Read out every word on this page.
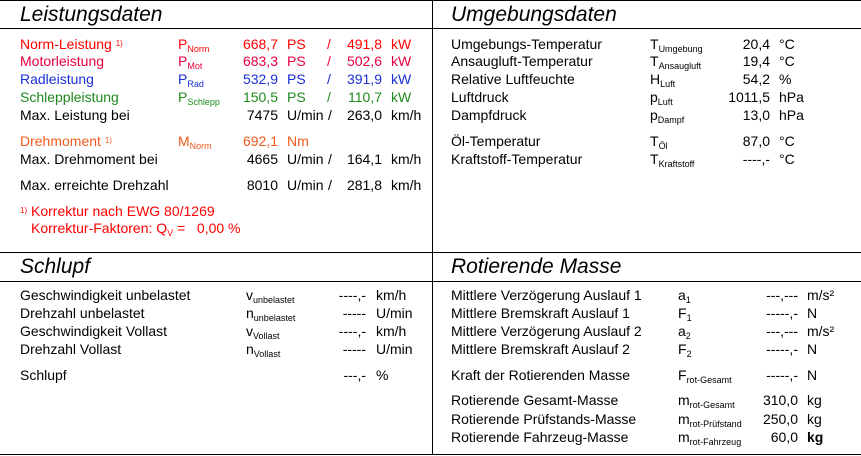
Leistungsdaten
Norm-Leistung $^{1)}$	$P_{Norm}$	668,7 PS /	491,8 kW
Motorleistung	$P_{Mot}$	683,3 PS /	502,6 kW
Radleistung	$P_{Rad}$	532,9 PS /	391,9 kW
Schleppleistung	$P_{Schlepp}$	150,5 PS /	110,7 kW
Max. Leistung bei	7475 U/min /	263,0 km/h
Drehmoment $^{1)}$	$M_{Norm}$	692,1 Nm
Max. Drehmoment bei	4665 U/min /	164,1 km/h
Max. erreichte Drehzahl	8010 U/min /	281,8 km/h
$^{1)}$ Korrektur nach EWG 80/1269
Korrektur-Faktoren: $Q_V = 0,00$ %
Umgebungsdaten
Umgebungs-Temperatur	$T_{Umgebung}$	20,4 °C
Ansaugluft-Temperatur	$T_{Ansaugluft}$	19,4 °C
Relative Luftfeuchte	$H_{Luft}$	54,2 %
Luftdruck	$p_{Luft}$	1011,5 hPa
Dampfdruck	$p_{Dampf}$	13,0 hPa
Öl-Temperatur	$T_{Öl}$	87,0 °C
Kraftstoff-Temperatur	$T_{Kraftstoff}$	----,- °C
Schlupf
Geschwindigkeit unbelastet	$v_{unbelastet}$	----,- km/h
Drehzahl unbelastet	$n_{unbelastet}$	----- U/min
Geschwindigkeit Vollast	$v_{Vollast}$	----,- km/h
Drehzahl Vollast	$n_{Vollast}$	----- U/min
Schlupf	---,- %
Rotierende Masse
Mittlere Verzögerung Auslauf 1	$a_1$	---,--- m/s²
Mittlere Bremskraft Auslauf 1	$F_1$	-----,- N
Mittlere Verzögerung Auslauf 2	$a_2$	---,--- m/s²
Mittlere Bremskraft Auslauf 2	$F_2$	-----,- N
Kraft der Rotierenden Masse	$F_{rot-Gesamt}$	-----,- N
Rotierende Gesamt-Masse	$m_{rot-Gesamt}$	310,0 kg
Rotierende Prüfstands-Masse	$m_{rot-Prüfstand}$	250,0 kg
Rotierende Fahrzeug-Masse	$m_{rot-Fahrzeug}$	60,0 kg
